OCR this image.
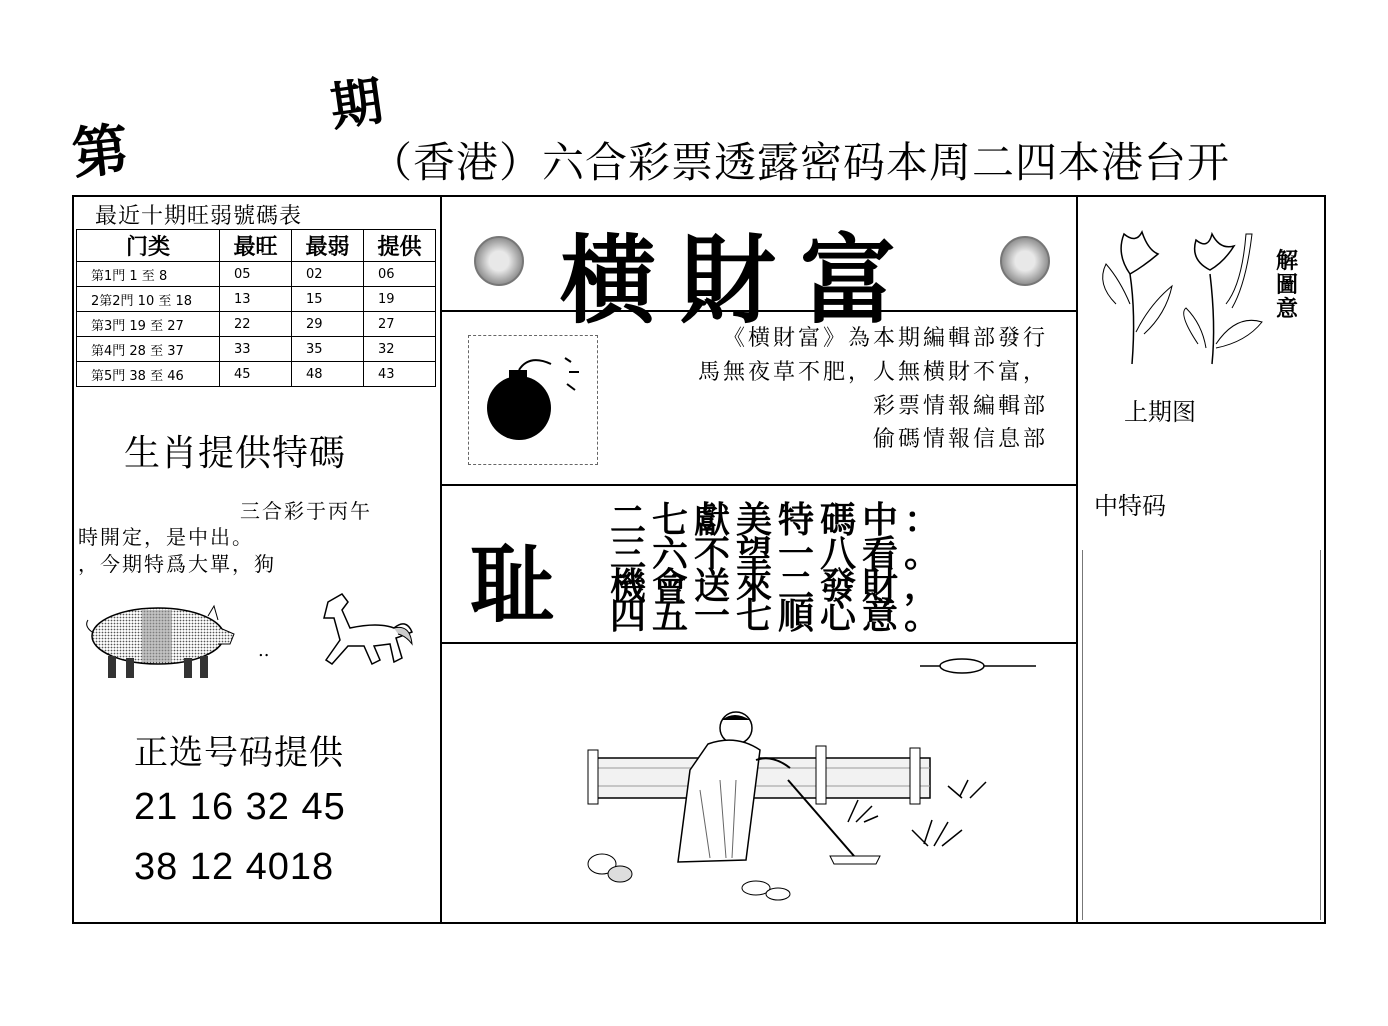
第
期
（香港）六合彩票透露密码本周二四本港台开
最近十期旺弱號碼表
门类	最旺	最弱	提供
第1門 1 至 8	05	02	06
2第2門 10 至 18	13	15	19
第3門 19 至 27	22	29	27
第4門 28 至 37	33	35	32
第5門 38 至 46	45	48	43
生肖提供特碼
三合彩于丙午
時開定，是中出。
，今期特爲大單，狗
..
正选号码提供
21 16 32 45
38 12 4018
横財富
《横財富》為本期編輯部發行
馬無夜草不肥，人無横財不富，
彩票情報編輯部
偷碼情報信息部
耻
二七獻美特碼中：
三六不望一八看。
機會送來二發財，
四五一七順心意。
解圖意
上期图
中特码
